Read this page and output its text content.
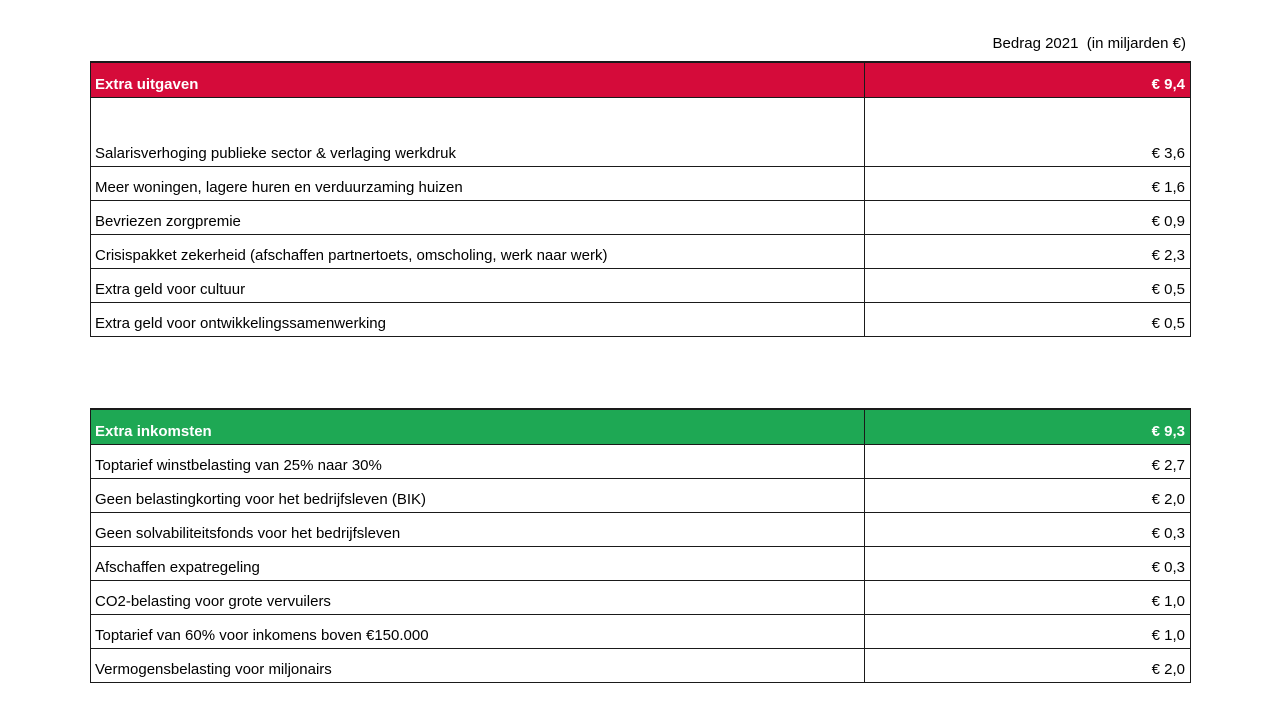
Bedrag 2021  (in miljarden €)
Extra uitgaven	€ 9,4
Salarisverhoging publieke sector & verlaging werkdruk	€ 3,6
Meer woningen, lagere huren en verduurzaming huizen	€ 1,6
Bevriezen zorgpremie	€ 0,9
Crisispakket zekerheid (afschaffen partnertoets, omscholing, werk naar werk)	€ 2,3
Extra geld voor cultuur	€ 0,5
Extra geld voor ontwikkelingssamenwerking	€ 0,5
Extra inkomsten	€ 9,3
Toptarief winstbelasting van 25% naar 30%	€ 2,7
Geen belastingkorting voor het bedrijfsleven (BIK)	€ 2,0
Geen solvabiliteitsfonds voor het bedrijfsleven	€ 0,3
Afschaffen expatregeling	€ 0,3
CO2-belasting voor grote vervuilers	€ 1,0
Toptarief van 60% voor inkomens boven €150.000	€ 1,0
Vermogensbelasting voor miljonairs	€ 2,0
